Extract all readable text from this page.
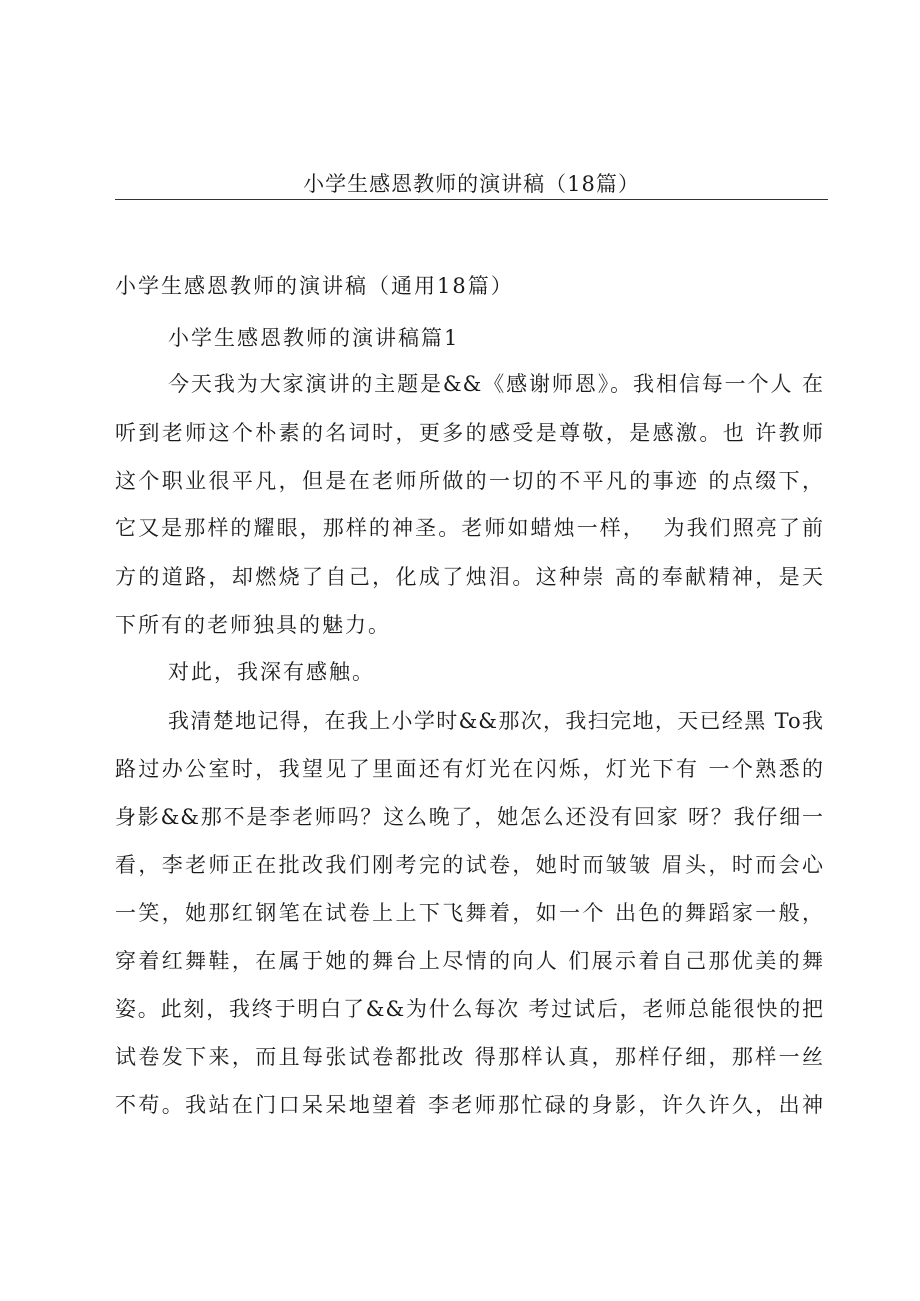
小学生感恩教师的演讲稿（18篇）
小学生感恩教师的演讲稿（通用18篇）
小学生感恩教师的演讲稿篇1
今天我为大家演讲的主题是&&《感谢师恩》。我相信每一个人 在
听到老师这个朴素的名词时，更多的感受是尊敬，是感激。也 许教师
这个职业很平凡，但是在老师所做的一切的不平凡的事迹 的点缀下，
它又是那样的耀眼，那样的神圣。老师如蜡烛一样，  为我们照亮了前
方的道路，却燃烧了自己，化成了烛泪。这种崇 高的奉献精神，是天
下所有的老师独具的魅力。
对此，我深有感触。
我清楚地记得，在我上小学时&&那次，我扫完地，天已经黑 To我
路过办公室时，我望见了里面还有灯光在闪烁，灯光下有 一个熟悉的
身影&&那不是李老师吗？这么晚了，她怎么还没有回家 呀？我仔细一
看，李老师正在批改我们刚考完的试卷，她时而皱皱 眉头，时而会心
一笑，她那红钢笔在试卷上上下飞舞着，如一个 出色的舞蹈家一般，
穿着红舞鞋，在属于她的舞台上尽情的向人 们展示着自己那优美的舞
姿。此刻，我终于明白了&&为什么每次 考过试后，老师总能很快的把
试卷发下来，而且每张试卷都批改 得那样认真，那样仔细，那样一丝
不苟。我站在门口呆呆地望着 李老师那忙碌的身影，许久许久，出神
